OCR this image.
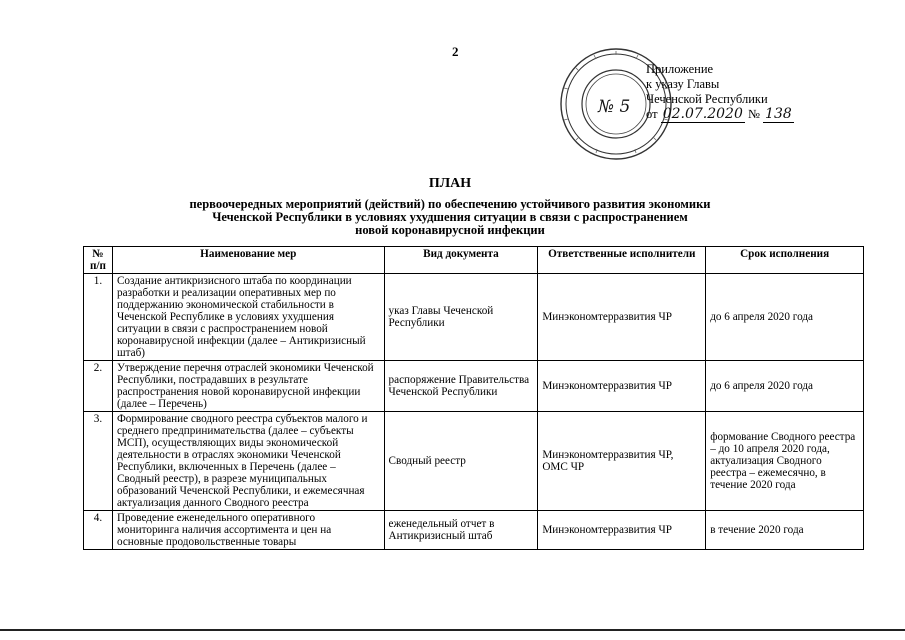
2
№ 5
Приложение
к указу Главы
Чеченской Республики
от 02.07.2020 № 138
ПЛАН
первоочередных мероприятий (действий) по обеспечению устойчивого развития экономики
Чеченской Республики в условиях ухудшения ситуации в связи с распространением
новой коронавирусной инфекции
№ п/п	Наименование мер	Вид документа	Ответственные исполнители	Срок исполнения
1.	Создание антикризисного штаба по координации разработки и реализации оперативных мер по поддержанию экономической стабильности в Чеченской Республике в условиях ухудшения ситуации в связи с распространением новой коронавирусной инфекции (далее – Антикризисный штаб)	указ Главы Чеченской Республики	Минэкономтерразвития ЧР	до 6 апреля 2020 года
2.	Утверждение перечня отраслей экономики Чеченской Республики, пострадавших в результате распространения новой коронавирусной инфекции (далее – Перечень)	распоряжение Правительства Чеченской Республики	Минэкономтерразвития ЧР	до 6 апреля 2020 года
3.	Формирование сводного реестра субъектов малого и среднего предпринимательства (далее – субъекты МСП), осуществляющих виды экономической деятельности в отраслях экономики Чеченской Республики, включенных в Перечень (далее – Сводный реестр), в разрезе муниципальных образований Чеченской Республики, и ежемесячная актуализация данного Сводного реестра	Сводный реестр	Минэкономтерразвития ЧР, ОМС ЧР	формование Сводного реестра – до 10 апреля 2020 года, актуализация Сводного реестра – ежемесячно, в течение 2020 года
4.	Проведение еженедельного оперативного мониторинга наличия ассортимента и цен на основные продовольственные товары	еженедельный отчет в Антикризисный штаб	Минэкономтерразвития ЧР	в течение 2020 года
